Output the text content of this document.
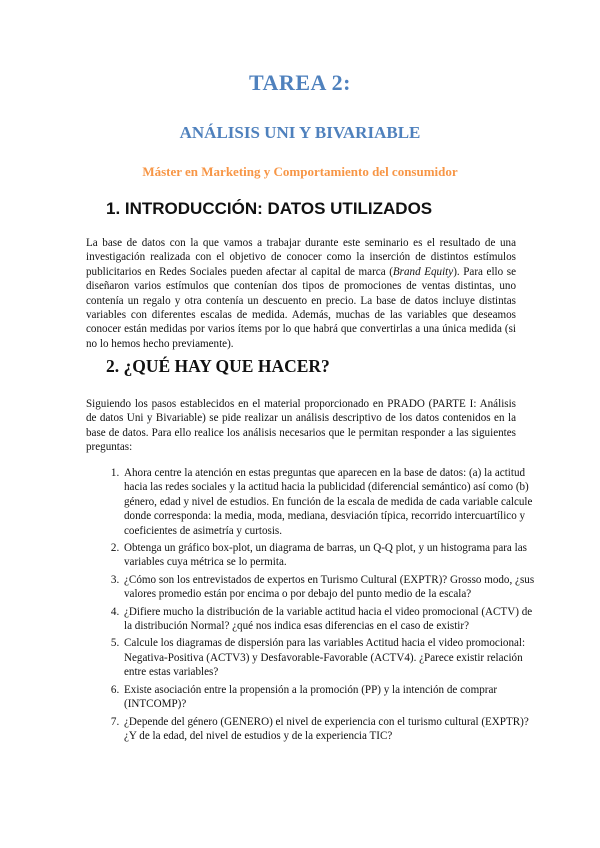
TAREA 2:
ANÁLISIS UNI Y BIVARIABLE
Máster en Marketing y Comportamiento del consumidor
1. INTRODUCCIÓN: DATOS UTILIZADOS

La base de datos con la que vamos a trabajar durante este seminario es el resultado de una investigación realizada con el objetivo de conocer como la inserción de distintos estímulos publicitarios en Redes Sociales pueden afectar al capital de marca (Brand Equity). Para ello se diseñaron varios estímulos que contenían dos tipos de promociones de ventas distintas, uno contenía un regalo y otra contenía un descuento en precio. La base de datos incluye distintas variables con diferentes escalas de medida. Además, muchas de las variables que deseamos conocer están medidas por varios ítems por lo que habrá que convertirlas a una única medida (si no lo hemos hecho previamente).

2. ¿QUÉ HAY QUE HACER?

Siguiendo los pasos establecidos en el material proporcionado en PRADO (PARTE I: Análisis de datos Uni y Bivariable) se pide realizar un análisis descriptivo de los datos contenidos en la base de datos. Para ello realice los análisis necesarios que le permitan responder a las siguientes preguntas:

1. Ahora centre la atención en estas preguntas que aparecen en la base de datos: (a) la actitud hacia las redes sociales y la actitud hacia la publicidad (diferencial semántico) así como (b) género, edad y nivel de estudios. En función de la escala de medida de cada variable calcule donde corresponda: la media, moda, mediana, desviación típica, recorrido intercuartílico y coeficientes de asimetría y curtosis.
2. Obtenga un gráfico box-plot, un diagrama de barras, un Q-Q plot, y un histograma para las variables cuya métrica se lo permita.
3. ¿Cómo son los entrevistados de expertos en Turismo Cultural (EXPTR)? Grosso modo, ¿sus valores promedio están por encima o por debajo del punto medio de la escala?
4. ¿Difiere mucho la distribución de la variable actitud hacia el video promocional (ACTV) de la distribución Normal? ¿qué nos indica esas diferencias en el caso de existir?
5. Calcule los diagramas de dispersión para las variables Actitud hacia el video promocional: Negativa-Positiva (ACTV3) y Desfavorable-Favorable (ACTV4). ¿Parece existir relación entre estas variables?
6. Existe asociación entre la propensión a la promoción (PP) y la intención de comprar (INTCOMP)?
7. ¿Depende del género (GENERO) el nivel de experiencia con el turismo cultural (EXPTR)? ¿Y de la edad, del nivel de estudios y de la experiencia TIC?
